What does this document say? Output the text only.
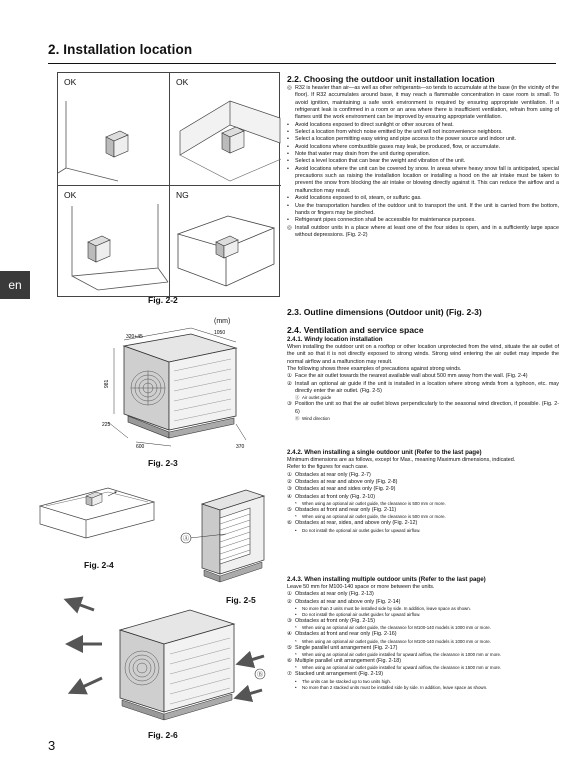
2. Installation location
en
OK	OK
OK	NG
Fig. 2-2
(mm)
320+45
1050
981
225
600	370
Fig. 2-3
Fig. 2-4
Ⓐ
Fig. 2-5
Ⓑ
Fig. 2-6
3
2.2. Choosing the outdoor unit installation location
◎ R32 is heavier than air—as well as other refrigerants—so tends to accumulate at the base (in the vicinity of the floor). If R32 accumulates around base, it may reach a flammable concentration in case room is small. To avoid ignition, maintaining a safe work environment is required by ensuring appropriate ventilation. If a refrigerant leak is confirmed in a room or an area where there is insufficient ventilation, refrain from using of flames until the work environment can be improved by ensuring appropriate ventilation.
•	Avoid locations exposed to direct sunlight or other sources of heat.
•	Select a location from which noise emitted by the unit will not inconvenience neighbors.
•	Select a location permitting easy wiring and pipe access to the power source and indoor unit.
•	Avoid locations where combustible gases may leak, be produced, flow, or accumulate.
•	Note that water may drain from the unit during operation.
•	Select a level location that can bear the weight and vibration of the unit.
•	Avoid locations where the unit can be covered by snow. In areas where heavy snow fall is anticipated, special precautions such as raising the installation location or installing a hood on the air intake must be taken to prevent the snow from blocking the air intake or blowing directly against it. This can reduce the airflow and a malfunction may result.
•	Avoid locations exposed to oil, steam, or sulfuric gas.
•	Use the transportation handles of the outdoor unit to transport the unit. If the unit is carried from the bottom, hands or fingers may be pinched.
•	Refrigerant pipes connection shall be accessible for maintenance purposes.
◎ Install outdoor units in a place where at least one of the four sides is open, and in a sufficiently large space without depressions. (Fig. 2-2)
2.3. Outline dimensions (Outdoor unit) (Fig. 2-3)
2.4. Ventilation and service space
2.4.1. Windy location installation

When installing the outdoor unit on a rooftop or other location unprotected from the wind, situate the air outlet of the unit so that it is not directly exposed to strong winds. Strong wind entering the air outlet may impede the normal airflow and a malfunction may result.

The following shows three examples of precautions against strong winds.

① Face the air outlet towards the nearest available wall about 500 mm away from the wall. (Fig. 2-4)
② Install an optional air guide if the unit is installed in a location where strong winds from a typhoon, etc. may directly enter the air outlet. (Fig. 2-5)
Ⓐ Air outlet guide
③ Position the unit so that the air outlet blows perpendicularly to the seasonal wind direction, if possible. (Fig. 2-6)
Ⓑ Wind direction
2.4.2. When installing a single outdoor unit (Refer to the last page)

Minimum dimensions are as follows, except for Max., meaning Maximum dimensions, indicated.

Refer to the figures for each case.

① Obstacles at rear only (Fig. 2-7)
② Obstacles at rear and above only (Fig. 2-8)
③ Obstacles at rear and sides only (Fig. 2-9)
④ Obstacles at front only (Fig. 2-10)
*	When using an optional air outlet guide, the clearance is 500 mm or more.
⑤ Obstacles at front and rear only (Fig. 2-11)
*	When using an optional air outlet guide, the clearance is 500 mm or more.
⑥ Obstacles at rear, sides, and above only (Fig. 2-12)
•	Do not install the optional air outlet guides for upward airflow.
2.4.3. When installing multiple outdoor units (Refer to the last page)

Leave 50 mm for M100-140 space or more between the units.

① Obstacles at rear only (Fig. 2-13)
② Obstacles at rear and above only (Fig. 2-14)
•	No more than 3 units must be installed side by side. In addition, leave space as shown.
•	Do not install the optional air outlet guides for upward airflow.
③ Obstacles at front only (Fig. 2-15)
*	When using an optional air outlet guide, the clearance for M100-140 models is 1000 mm or more.
④ Obstacles at front and rear only (Fig. 2-16)
*	When using an optional air outlet guide, the clearance for M100-140 models is 1000 mm or more.
⑤ Single parallel unit arrangement (Fig. 2-17)
*	When using an optional air outlet guide installed for upward airflow, the clearance is 1000 mm or more.
⑥ Multiple parallel unit arrangement (Fig. 2-18)
*	When using an optional air outlet guide installed for upward airflow, the clearance is 1500 mm or more.
⑦ Stacked unit arrangement (Fig. 2-19)
•	The units can be stacked up to two units high.
•	No more than 2 stacked units must be installed side by side. In addition, leave space as shown.
